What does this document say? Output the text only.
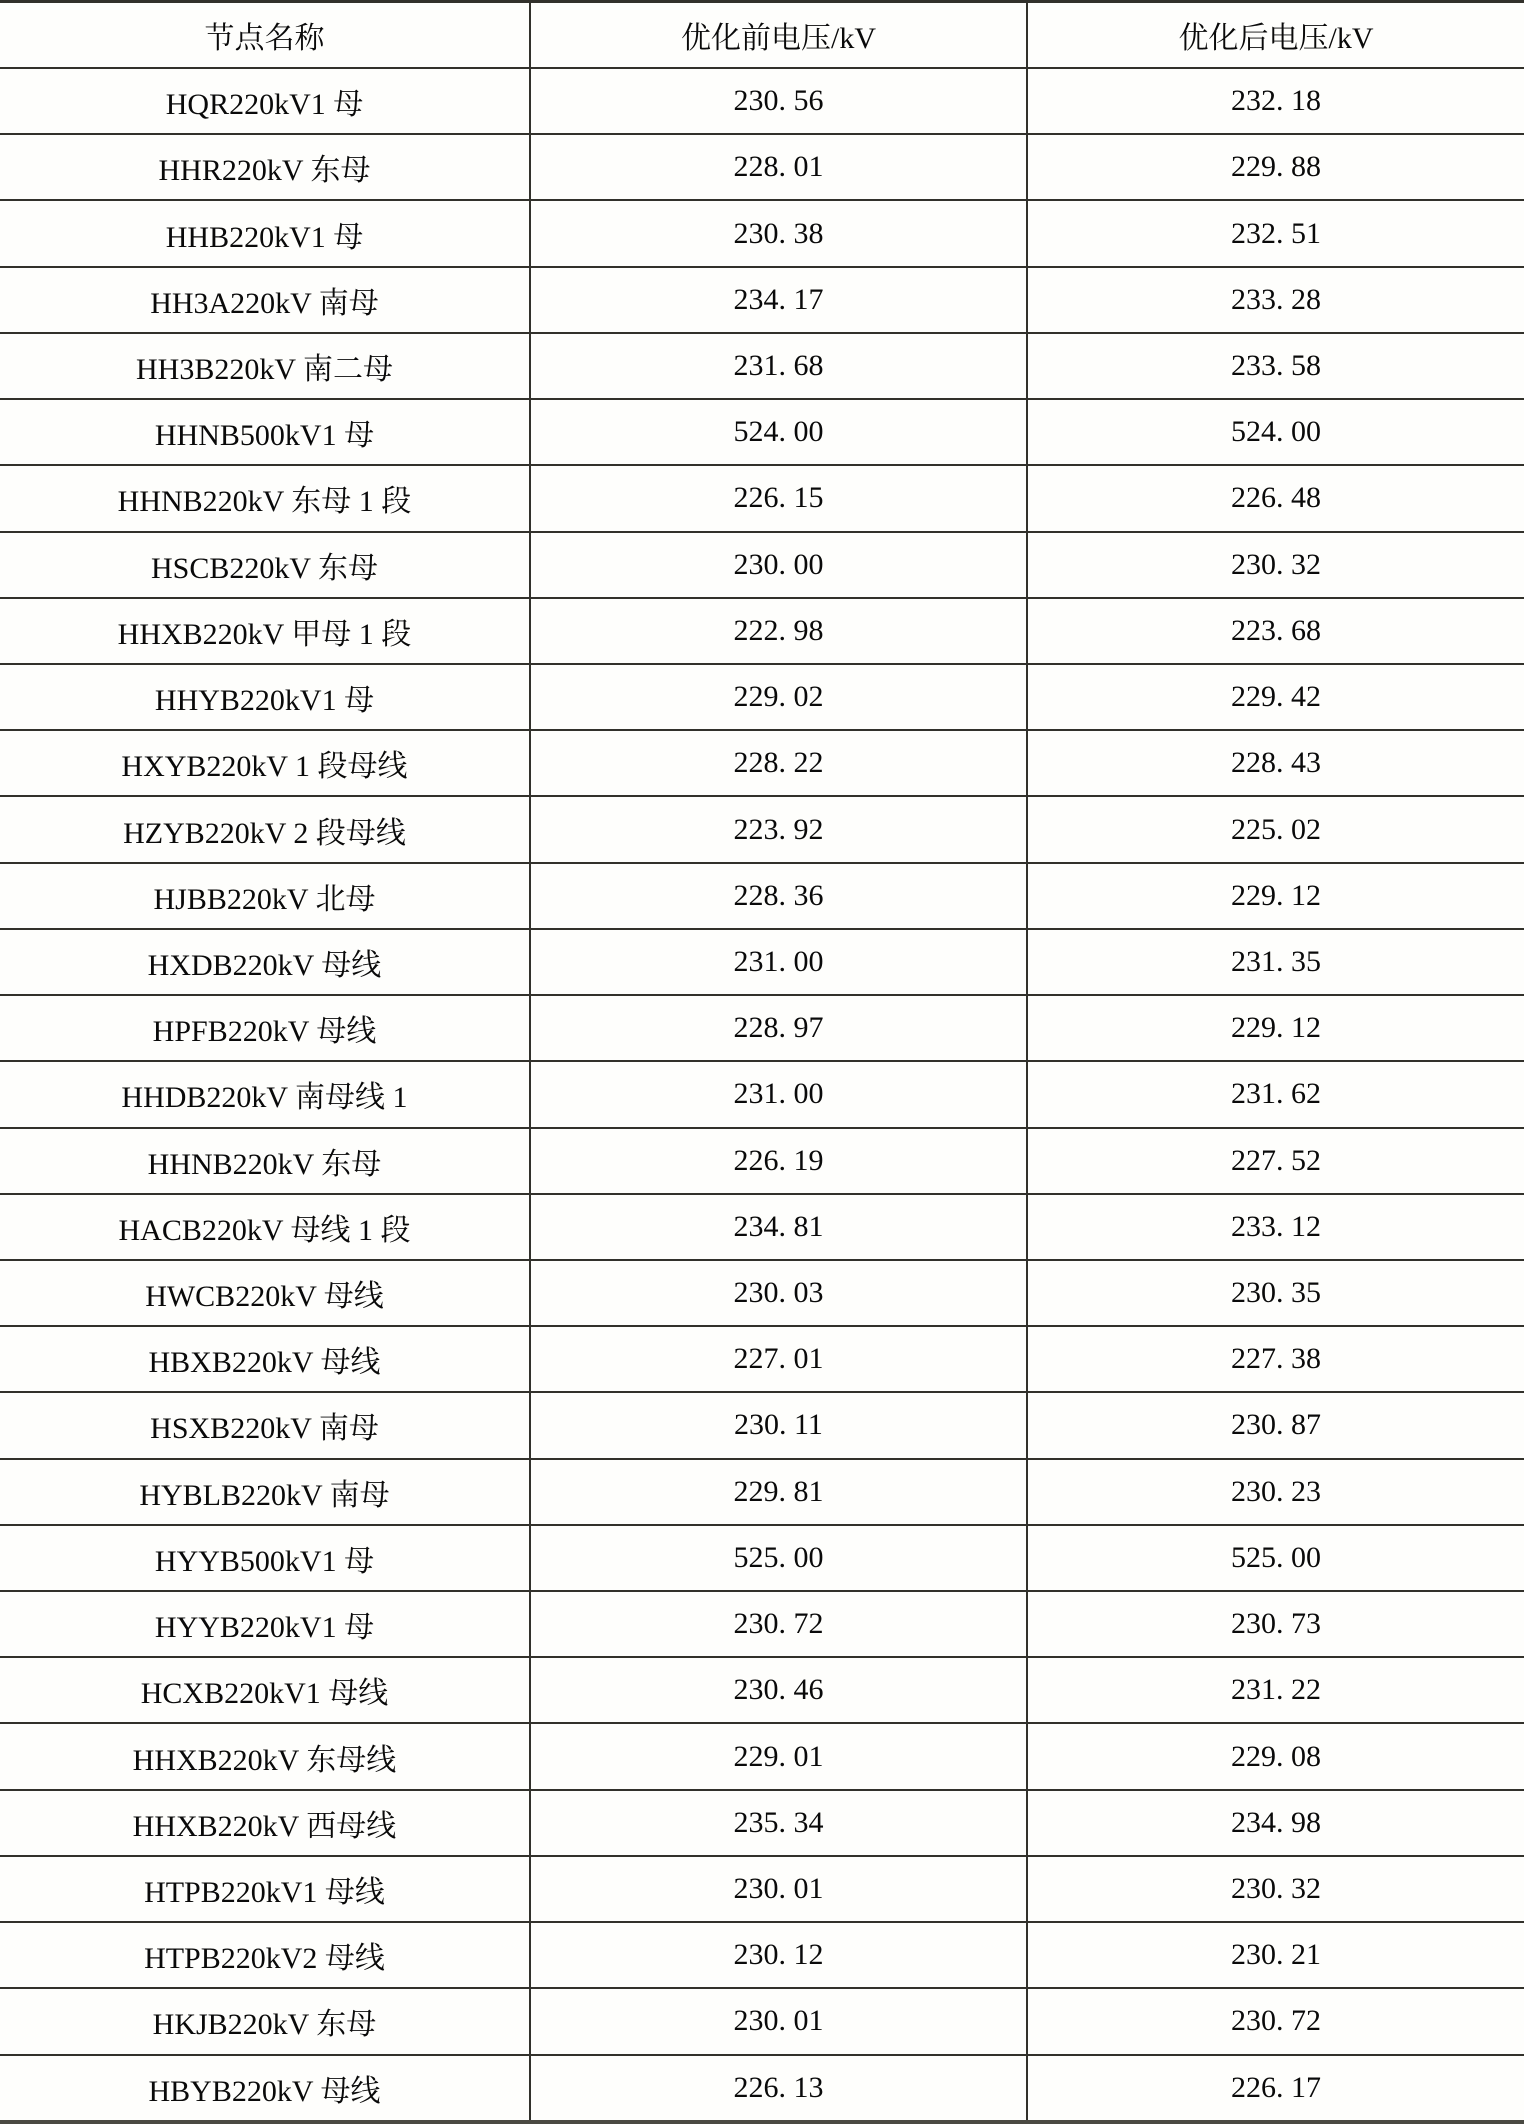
节点名称	优化前电压/kV	优化后电压/kV
HQR220kV1 母	230. 56	232. 18
HHR220kV 东母	228. 01	229. 88
HHB220kV1 母	230. 38	232. 51
HH3A220kV 南母	234. 17	233. 28
HH3B220kV 南二母	231. 68	233. 58
HHNB500kV1 母	524. 00	524. 00
HHNB220kV 东母 1 段	226. 15	226. 48
HSCB220kV 东母	230. 00	230. 32
HHXB220kV 甲母 1 段	222. 98	223. 68
HHYB220kV1 母	229. 02	229. 42
HXYB220kV 1 段母线	228. 22	228. 43
HZYB220kV 2 段母线	223. 92	225. 02
HJBB220kV 北母	228. 36	229. 12
HXDB220kV 母线	231. 00	231. 35
HPFB220kV 母线	228. 97	229. 12
HHDB220kV 南母线 1	231. 00	231. 62
HHNB220kV 东母	226. 19	227. 52
HACB220kV 母线 1 段	234. 81	233. 12
HWCB220kV 母线	230. 03	230. 35
HBXB220kV 母线	227. 01	227. 38
HSXB220kV 南母	230. 11	230. 87
HYBLB220kV 南母	229. 81	230. 23
HYYB500kV1 母	525. 00	525. 00
HYYB220kV1 母	230. 72	230. 73
HCXB220kV1 母线	230. 46	231. 22
HHXB220kV 东母线	229. 01	229. 08
HHXB220kV 西母线	235. 34	234. 98
HTPB220kV1 母线	230. 01	230. 32
HTPB220kV2 母线	230. 12	230. 21
HKJB220kV 东母	230. 01	230. 72
HBYB220kV 母线	226. 13	226. 17
